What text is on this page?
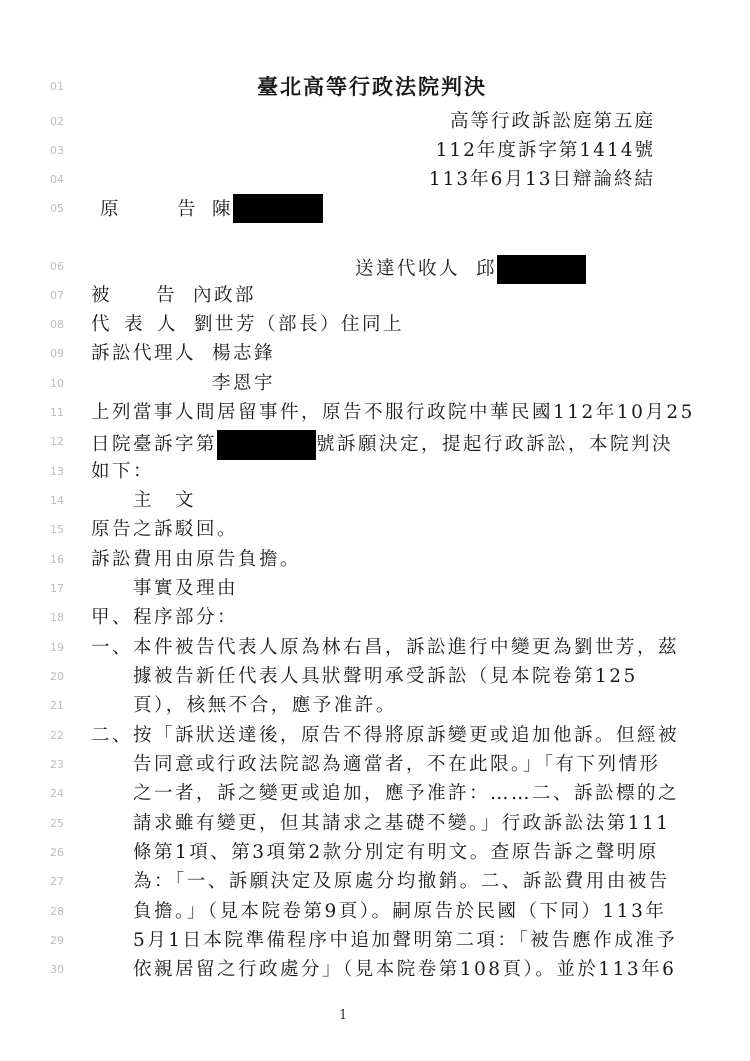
01
02
03
04
05
06
07
08
09
10
11
12
13
14
15
16
17
18
19
20
21
22
23
24
25
26
27
28
29
30
臺北高等行政法院判決
高等行政訴訟庭第五庭
112年度訴字第1414號
113年6月13日辯論終結
原	告 陳
送達代收人 邱
被 告 內政部
代 表 人 劉世芳（部長）住同上
訴訟代理人 楊志鋒
李恩宇
上列當事人間居留事件，原告不服行政院中華民國112年10月25
日院臺訴字第	號訴願決定，提起行政訴訟，本院判決
如下：
主　文
原告之訴駁回。
訴訟費用由原告負擔。
事實及理由
甲、程序部分：
一、本件被告代表人原為林右昌，訴訟進行中變更為劉世芳，茲
據被告新任代表人具狀聲明承受訴訟（見本院卷第125
頁），核無不合，應予准許。
二、按「訴狀送達後，原告不得將原訴變更或追加他訴。但經被
告同意或行政法院認為適當者，不在此限。」「有下列情形
之一者，訴之變更或追加，應予准許：……二、訴訟標的之
請求雖有變更，但其請求之基礎不變。」行政訴訟法第111
條第1項、第3項第2款分別定有明文。查原告訴之聲明原
為：「一、訴願決定及原處分均撤銷。二、訴訟費用由被告
負擔。」（見本院卷第9頁）。嗣原告於民國（下同）113年
5月1日本院準備程序中追加聲明第二項：「被告應作成准予
依親居留之行政處分」（見本院卷第108頁）。並於113年6
1
